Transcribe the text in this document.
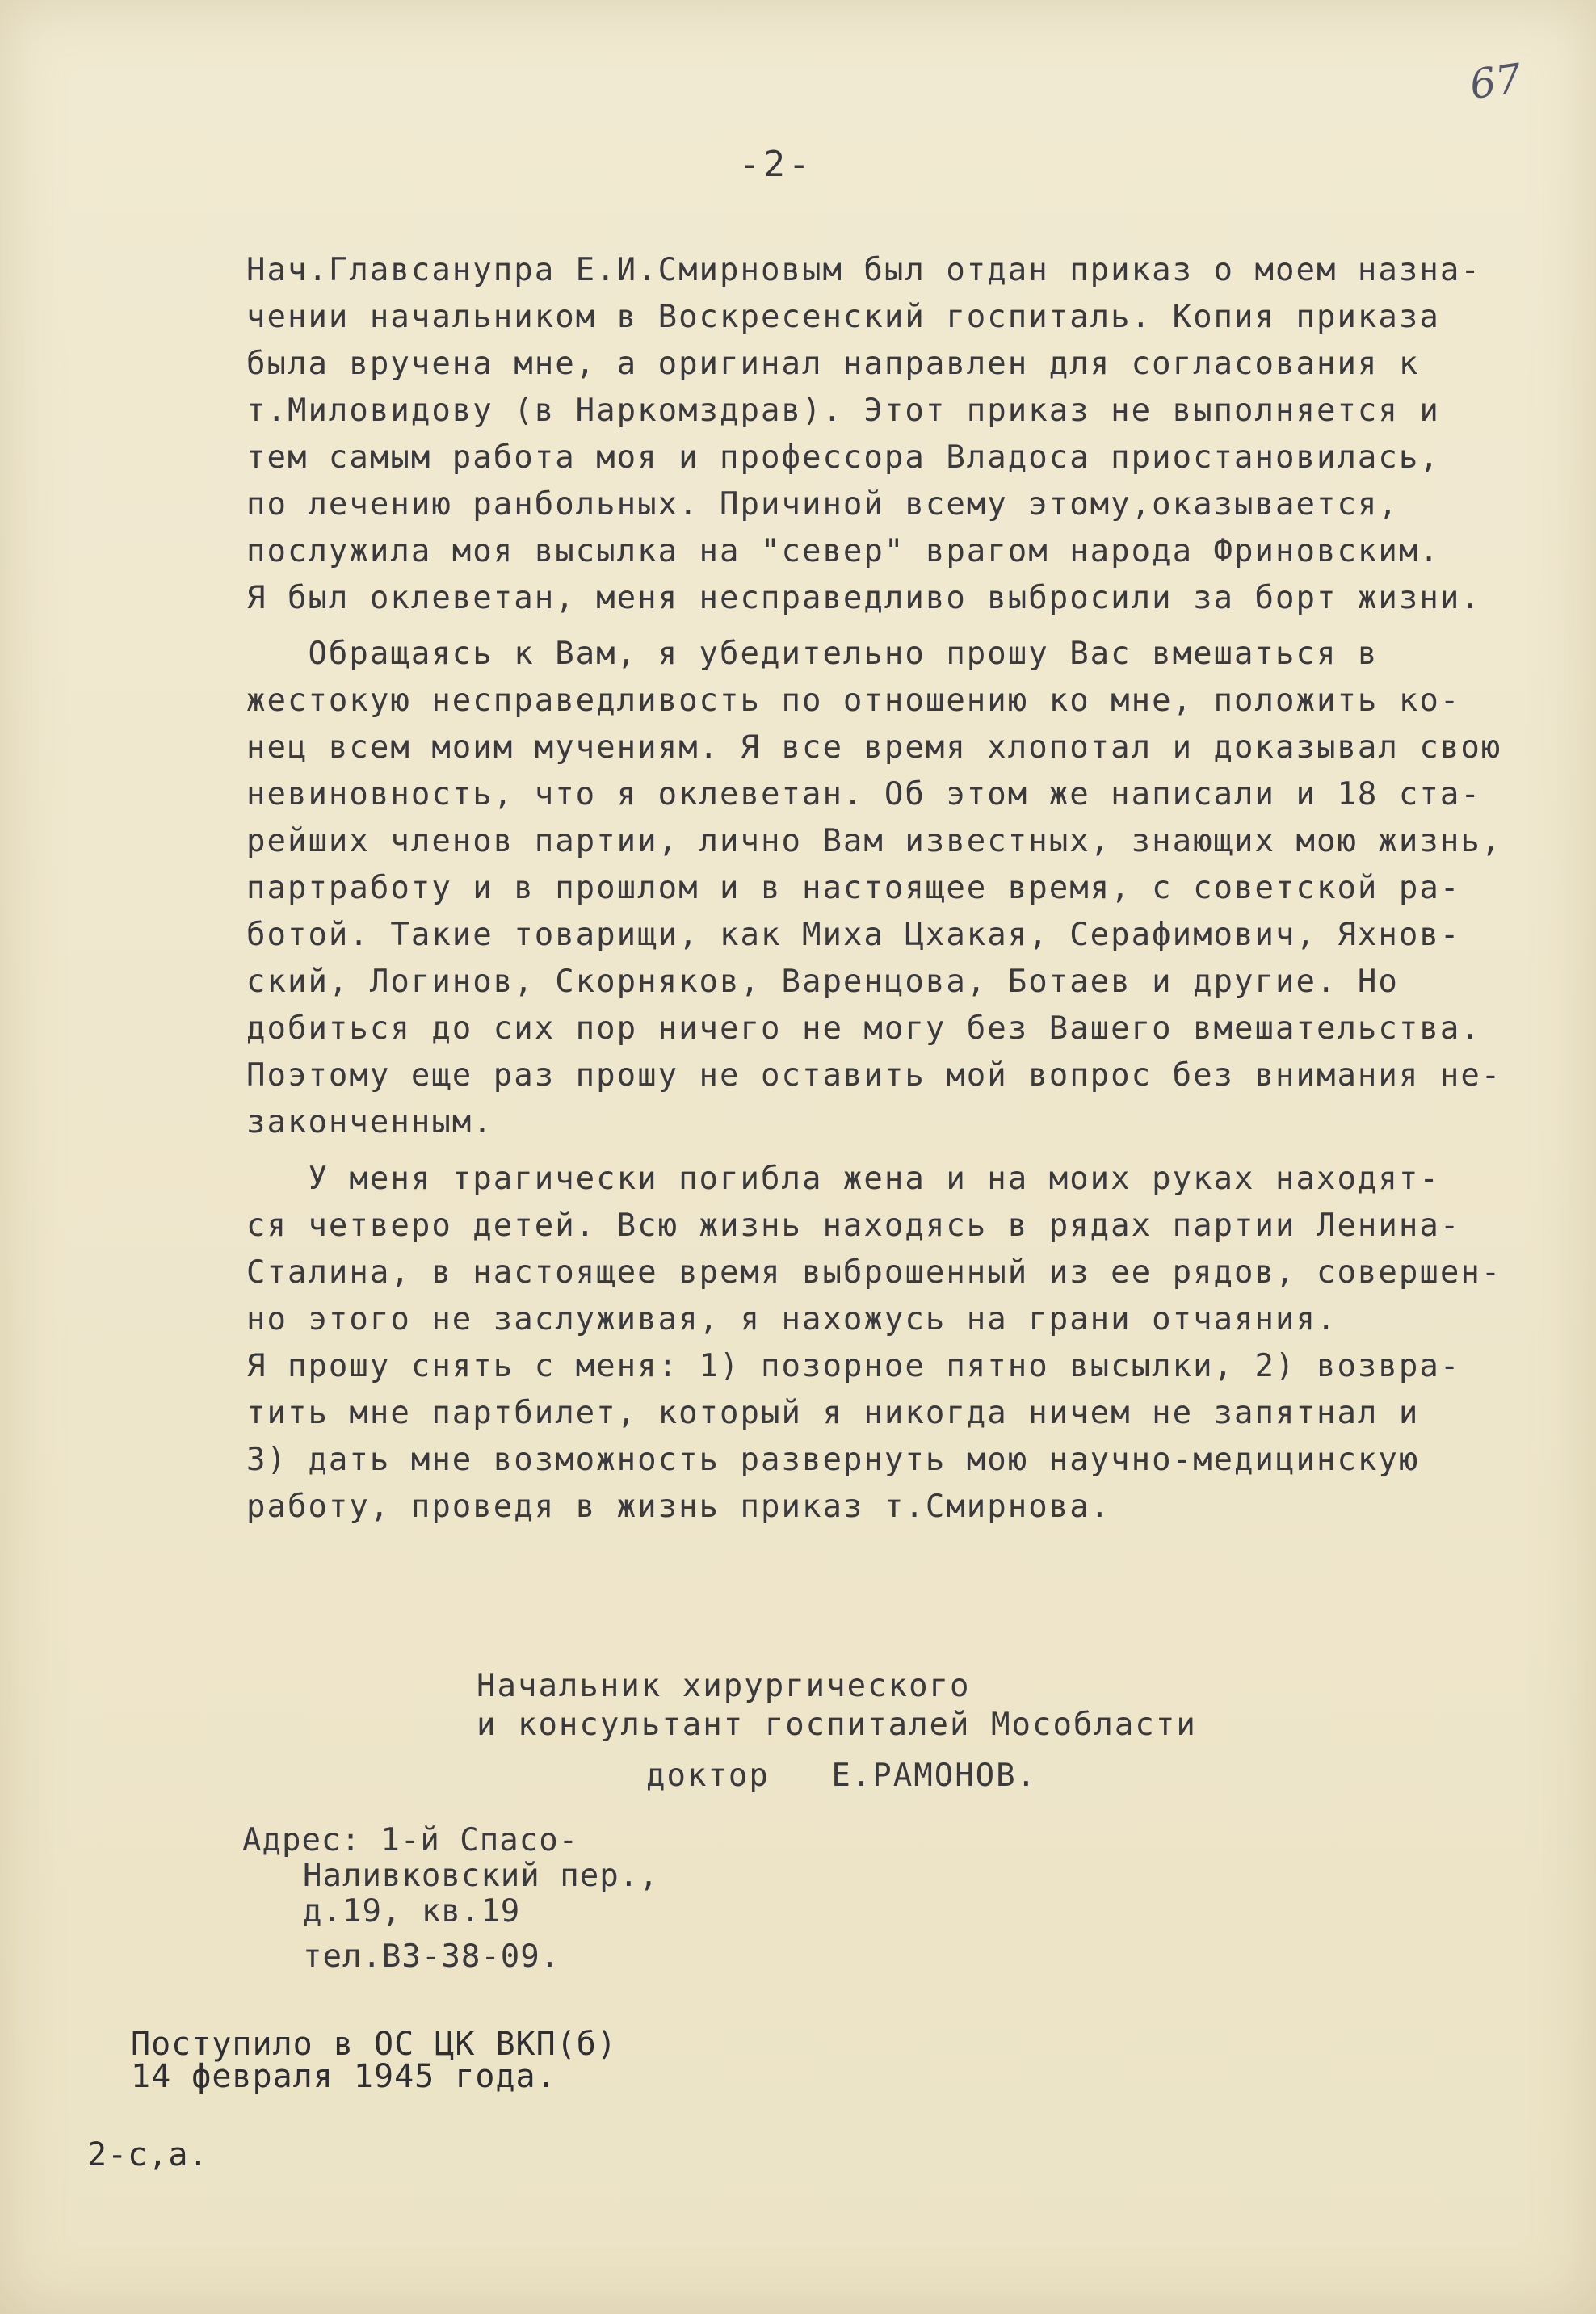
67
-2-
Нач.Главсанупра Е.И.Смирновым был отдан приказ о моем назна-
чении начальником в Воскресенский госпиталь. Копия приказа
была вручена мне, а оригинал направлен для согласования к
т.Миловидову (в Наркомздрав). Этот приказ не выполняется и
тем самым работа моя и профессора Владоса приостановилась,
по лечению ранбольных. Причиной всему этому,оказывается,
послужила моя высылка на "север" врагом народа Фриновским.
Я был оклеветан, меня несправедливо выбросили за борт жизни.
Обращаясь к Вам, я убедительно прошу Вас вмешаться в
жестокую несправедливость по отношению ко мне, положить ко-
нец всем моим мучениям. Я все время хлопотал и доказывал свою
невиновность, что я оклеветан. Об этом же написали и 18 ста-
рейших членов партии, лично Вам известных, знающих мою жизнь,
партработу и в прошлом и в настоящее время, с советской ра-
ботой. Такие товарищи, как Миха Цхакая, Серафимович, Яхнов-
ский, Логинов, Скорняков, Варенцова, Ботаев и другие. Но
добиться до сих пор ничего не могу без Вашего вмешательства.
Поэтому еще раз прошу не оставить мой вопрос без внимания не-
законченным.
У меня трагически погибла жена и на моих руках находят-
ся четверо детей. Всю жизнь находясь в рядах партии Ленина-
Сталина, в настоящее время выброшенный из ее рядов, совершен-
но этого не заслуживая, я нахожусь на грани отчаяния.
Я прошу снять с меня: 1) позорное пятно высылки, 2) возвра-
тить мне партбилет, который я никогда ничем не запятнал и
3) дать мне возможность развернуть мою научно-медицинскую
работу, проведя в жизнь приказ т.Смирнова.
Начальник хирургического
и консультант госпиталей Мособласти
доктор   Е.РАМОНОВ.
Адрес: 1-й Спасо-
Наливковский пер.,
д.19, кв.19
тел.В3-38-09.
Поступило в ОС ЦК ВКП(б)
14 февраля 1945 года.
2-с,а.
